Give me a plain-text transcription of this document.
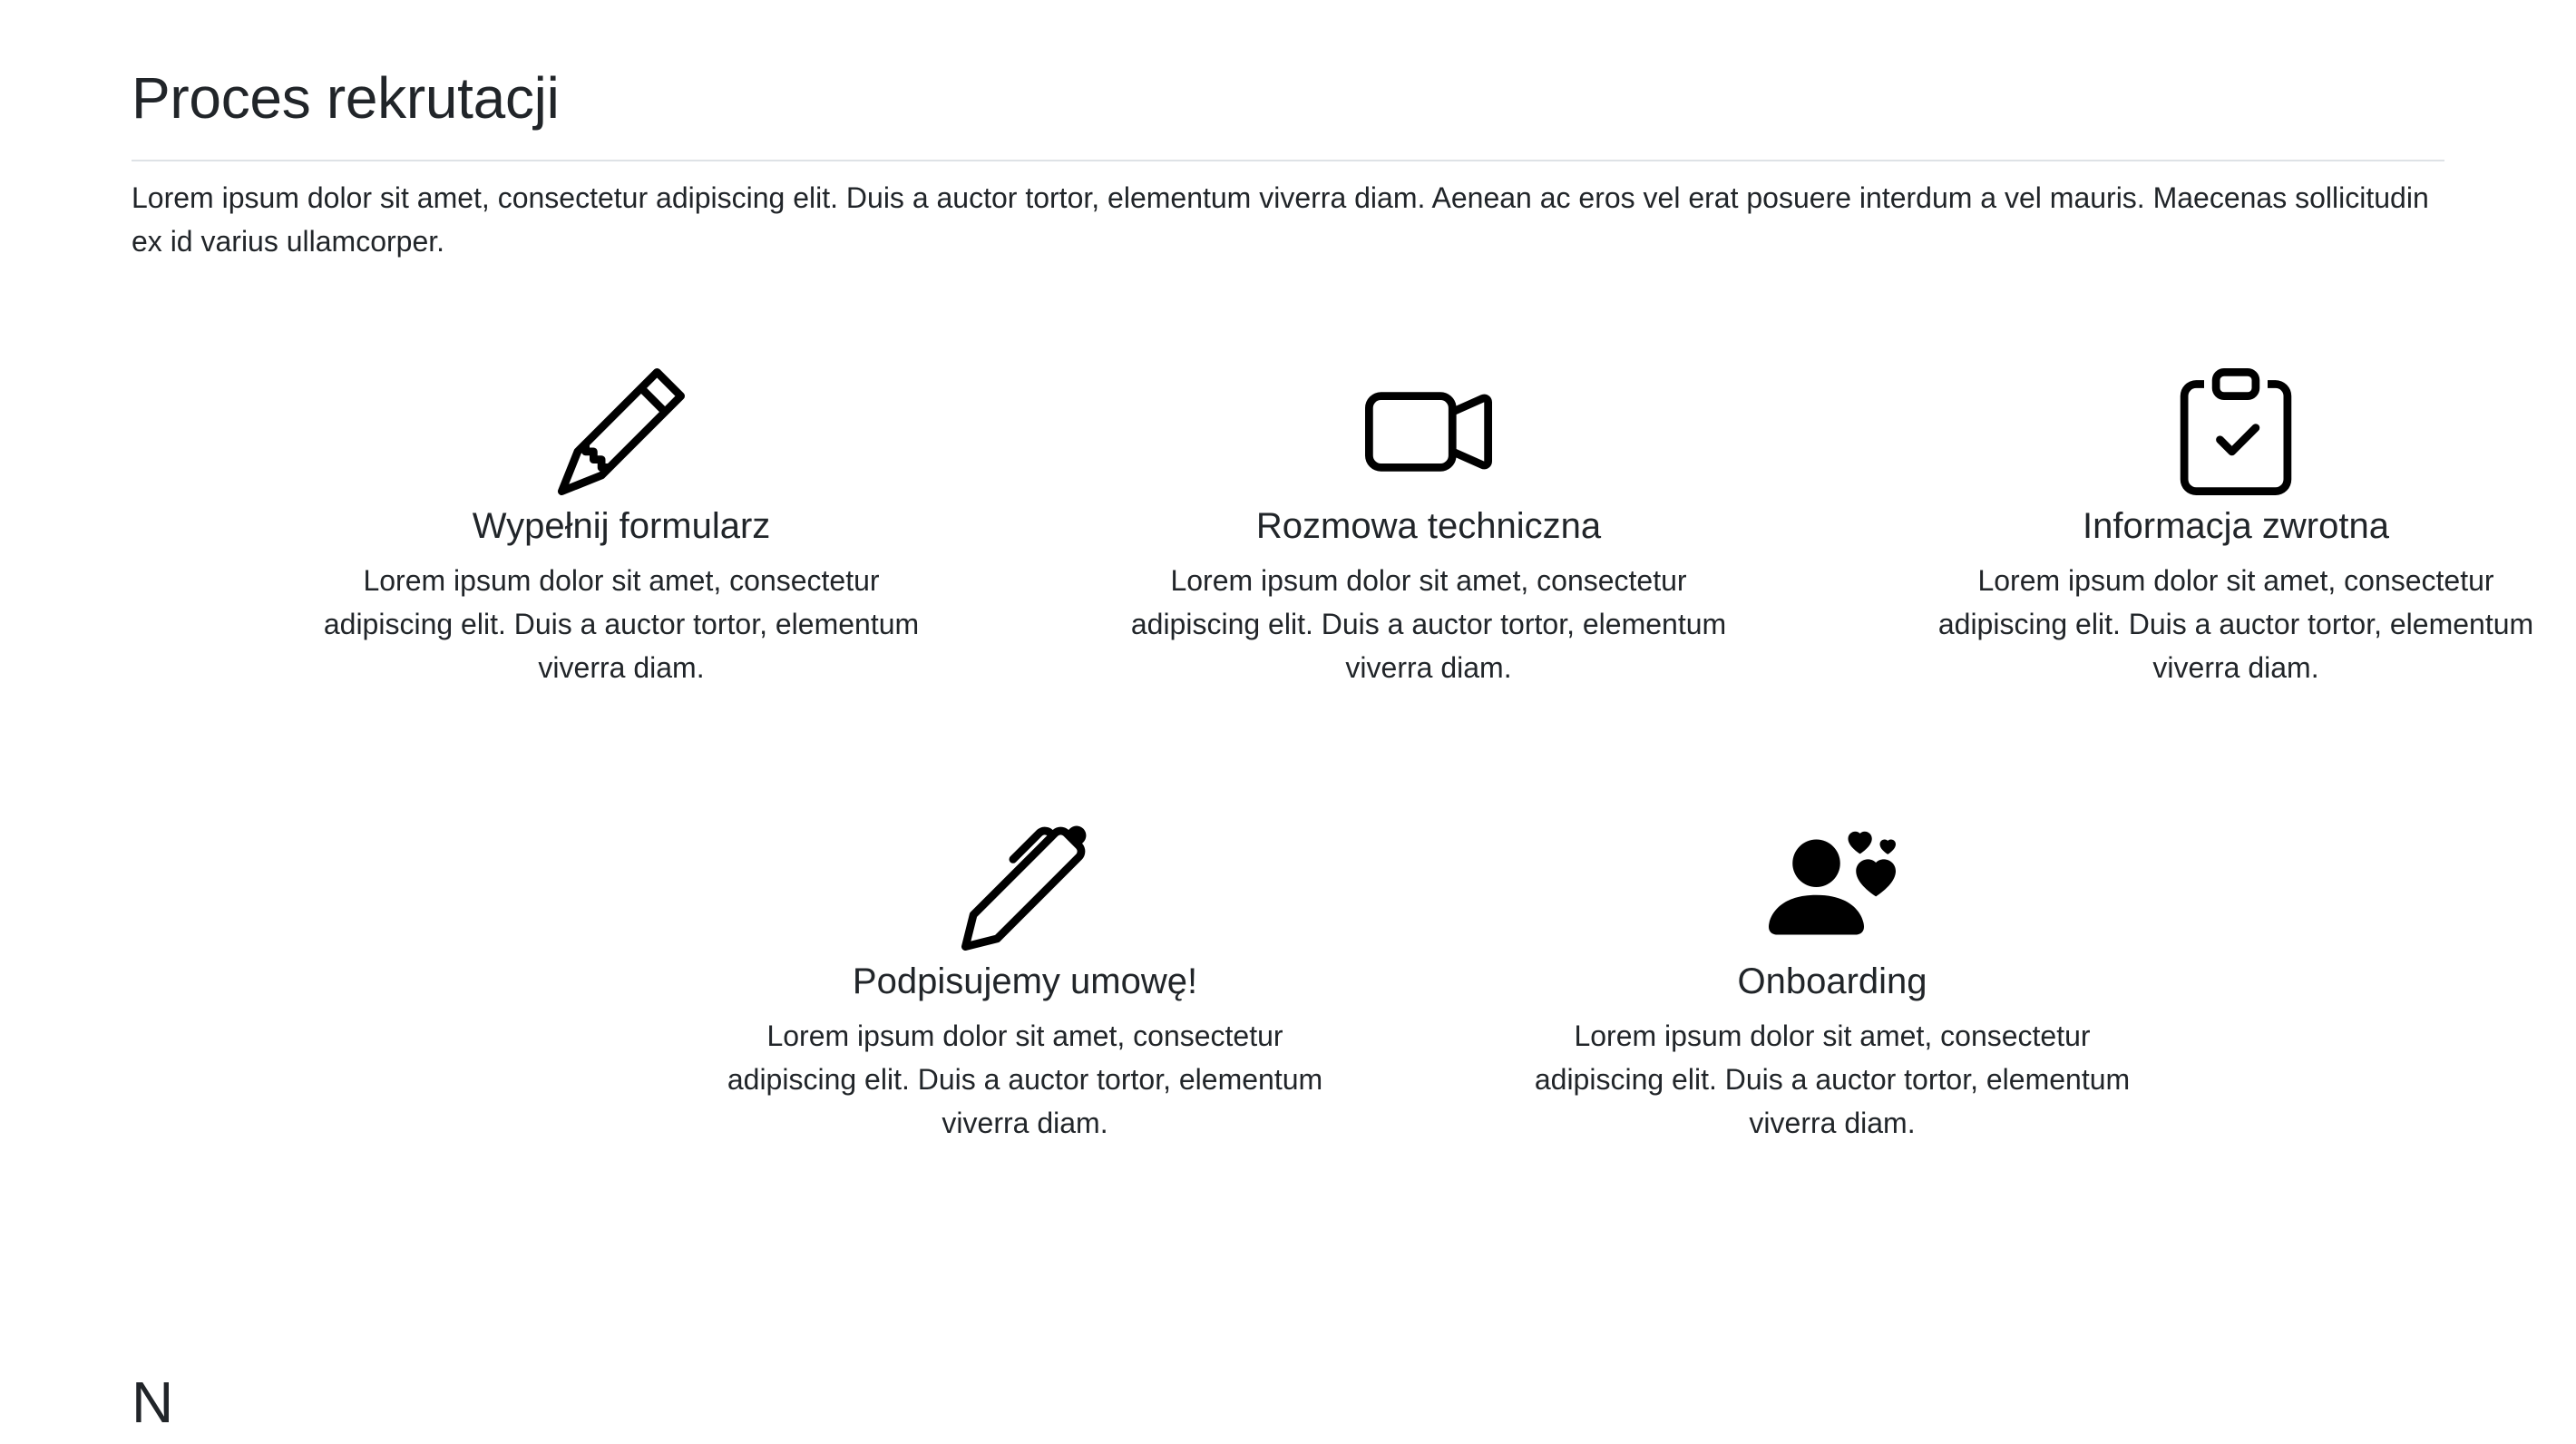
Proces rekrutacji

Lorem ipsum dolor sit amet, consectetur adipiscing elit. Duis a auctor tortor, elementum viverra diam. Aenean ac eros vel erat posuere interdum a vel mauris. Maecenas sollicitudin ex id varius ullamcorper.

Wypełnij formularz

Lorem ipsum dolor sit amet, consectetur adipiscing elit. Duis a auctor tortor, elementum viverra diam.

Rozmowa techniczna

Lorem ipsum dolor sit amet, consectetur adipiscing elit. Duis a auctor tortor, elementum viverra diam.

Informacja zwrotna

Lorem ipsum dolor sit amet, consectetur adipiscing elit. Duis a auctor tortor, elementum viverra diam.

Podpisujemy umowę!

Lorem ipsum dolor sit amet, consectetur adipiscing elit. Duis a auctor tortor, elementum viverra diam.

Onboarding

Lorem ipsum dolor sit amet, consectetur adipiscing elit. Duis a auctor tortor, elementum viverra diam.

N
